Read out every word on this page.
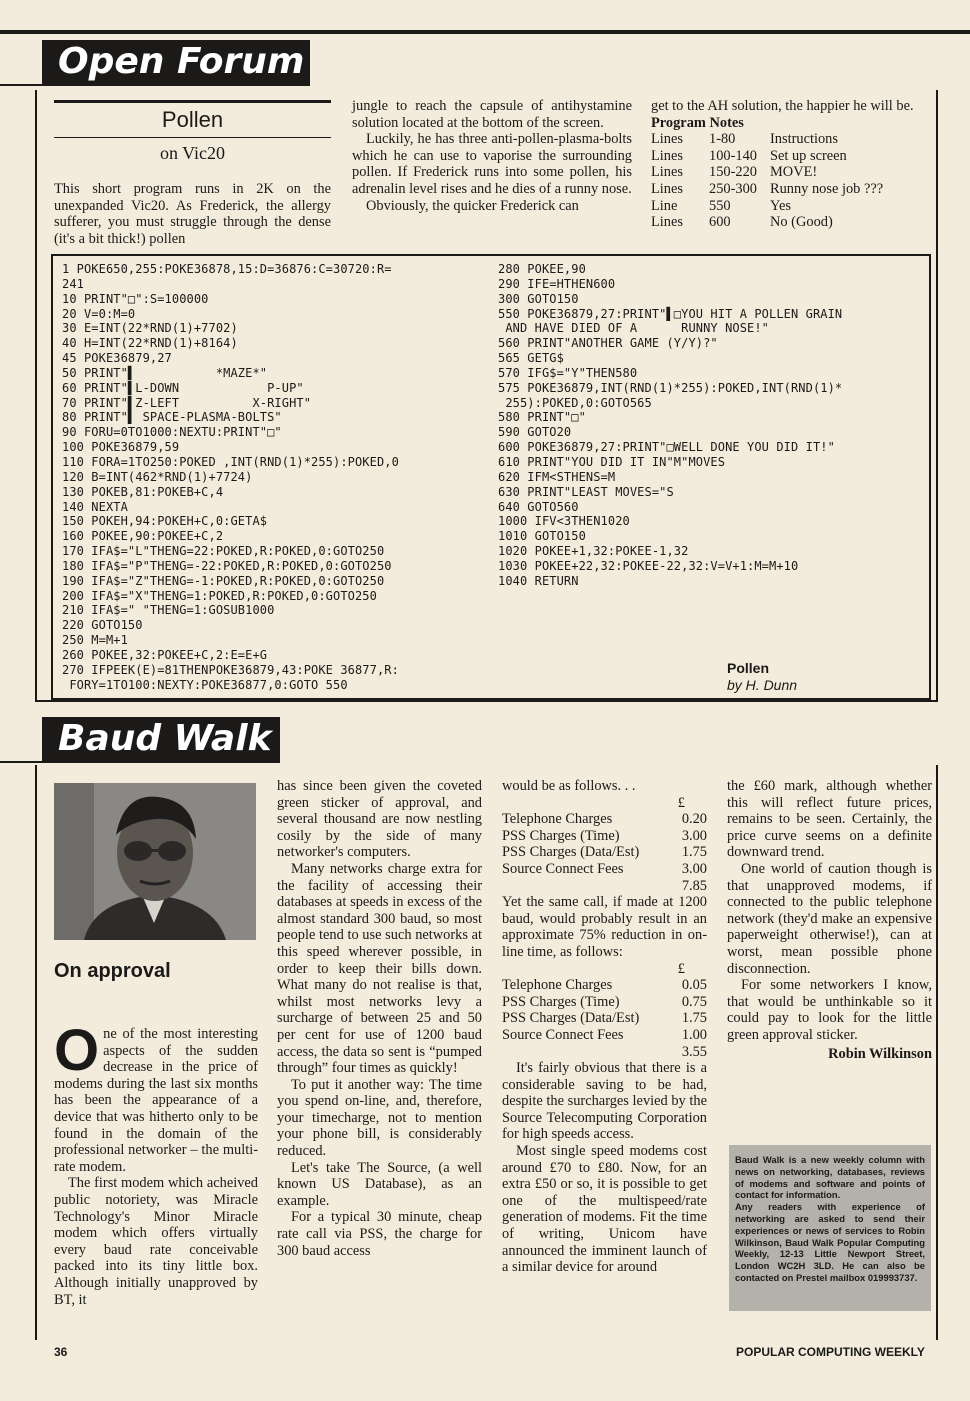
Open Forum
Pollen
on Vic20

This short program runs in 2K on the unexpanded Vic20. As Frederick, the allergy sufferer, you must struggle through the dense (it's a bit thick!) pollen

jungle to reach the capsule of antihystamine solution located at the bottom of the screen.

Luckily, he has three anti-pollen-plasma-bolts which he can use to vaporise the surrounding pollen. If Frederick runs into some pollen, his adrenalin level rises and he dies of a runny nose.

Obviously, the quicker Frederick can

get to the AH solution, the happier he will be.

Program Notes

Lines	1-80	Instructions
Lines	100-140	Set up screen
Lines	150-220	MOVE!
Lines	250-300	Runny nose job ???
Line	550	Yes
Lines	600	No (Good)
1 POKE650,255:POKE36878,15:D=36876:C=30720:R=
241
10 PRINT"□":S=100000
20 V=0:M=0
30 E=INT(22*RND(1)+7702)
40 H=INT(22*RND(1)+8164)
45 POKE36879,27
50 PRINT"▌           *MAZE*"
60 PRINT"▌L-DOWN            P-UP"
70 PRINT"▌Z-LEFT          X-RIGHT"
80 PRINT"▌ SPACE-PLASMA-BOLTS"
90 FORU=0TO1000:NEXTU:PRINT"□"
100 POKE36879,59
110 FORA=1TO250:POKED ,INT(RND(1)*255):POKED,0
120 B=INT(462*RND(1)+7724)
130 POKEB,81:POKEB+C,4
140 NEXTA
150 POKEH,94:POKEH+C,0:GETA$
160 POKEE,90:POKEE+C,2
170 IFA$="L"THENG=22:POKED,R:POKED,0:GOTO250
180 IFA$="P"THENG=-22:POKED,R:POKED,0:GOTO250
190 IFA$="Z"THENG=-1:POKED,R:POKED,0:GOTO250
200 IFA$="X"THENG=1:POKED,R:POKED,0:GOTO250
210 IFA$=" "THENG=1:GOSUB1000
220 GOTO150
250 M=M+1
260 POKEE,32:POKEE+C,2:E=E+G
270 IFPEEK(E)=81THENPOKE36879,43:POKE 36877,R:
FORY=1TO100:NEXTY:POKE36877,0:GOTO 550
280 POKEE,90
290 IFE=HTHEN600
300 GOTO150
550 POKE36879,27:PRINT"▌□YOU HIT A POLLEN GRAIN
AND HAVE DIED OF A      RUNNY NOSE!"
560 PRINT"ANOTHER GAME (Y/Y)?"
565 GETG$
570 IFG$="Y"THEN580
575 POKE36879,INT(RND(1)*255):POKED,INT(RND(1)*
255):POKED,0:GOTO565
580 PRINT"□"
590 GOTO20
600 POKE36879,27:PRINT"□WELL DONE YOU DID IT!"
610 PRINT"YOU DID IT IN"M"MOVES
620 IFM<STHENS=M
630 PRINT"LEAST MOVES="S
640 GOTO560
1000 IFV<3THEN1020
1010 GOTO150
1020 POKEE+1,32:POKEE-1,32
1030 POKEE+22,32:POKEE-22,32:V=V+1:M=M+10
1040 RETURN
Pollen
by H. Dunn
Baud Walk
On approval

One of the most interesting aspects of the sudden decrease in the price of modems during the last six months has been the appearance of a device that was hitherto only to be found in the domain of the professional networker – the multi-rate modem.

The first modem which acheived public notoriety, was Miracle Technology's Minor Miracle modem which offers virtually every baud rate conceivable packed into its tiny little box. Although initially unapproved by BT, it

has since been given the coveted green sticker of approval, and several thousand are now nestling cosily by the side of many networker's computers.

Many networks charge extra for the facility of accessing their databases at speeds in excess of the almost standard 300 baud, so most people tend to use such networks at this speed wherever possible, in order to keep their bills down. What many do not realise is that, whilst most networks levy a surcharge of between 25 and 50 per cent for use of 1200 baud access, the data so sent is “pumped through” four times as quickly!

To put it another way: The time you spend on-line, and, therefore, your timecharge, not to mention your phone bill, is considerably reduced.

Let's take The Source, (a well known US Database), as an example.

For a typical 30 minute, cheap rate call via PSS, the charge for 300 baud access

would be as follows. . .

	£
Telephone Charges	0.20
PSS Charges (Time)	3.00
PSS Charges (Data/Est)	1.75
Source Connect Fees	3.00
	7.85

Yet the same call, if made at 1200 baud, would probably result in an approximate 75% reduction in on-line time, as follows:

	£
Telephone Charges	0.05
PSS Charges (Time)	0.75
PSS Charges (Data/Est)	1.75
Source Connect Fees	1.00
	3.55

It's fairly obvious that there is a considerable saving to be had, despite the surcharges levied by the Source Telecomputing Corporation for high speeds access.

Most single speed modems cost around £70 to £80. Now, for an extra £50 or so, it is possible to get one of the multispeed/rate generation of modems. Fit the time of writing, Unicom have announced the imminent launch of a similar device for around

the £60 mark, although whether this will reflect future prices, remains to be seen. Certainly, the price curve seems on a definite downward trend.

One world of caution though is that unapproved modems, if connected to the public telephone network (they'd make an expensive paperweight otherwise!), can at worst, mean possible phone disconnection.

For some networkers I know, that would be unthinkable so it could pay to look for the little green approval sticker.

Robin Wilkinson

Baud Walk is a new weekly column with news on networking, databases, reviews of modems and software and points of contact for information.
Any readers with experience of networking are asked to send their experiences or news of services to Robin Wilkinson, Baud Walk Popular Computing Weekly, 12-13 Little Newport Street, London WC2H 3LD. He can also be contacted on Prestel mailbox 019993737.
36	POPULAR COMPUTING WEEKLY
